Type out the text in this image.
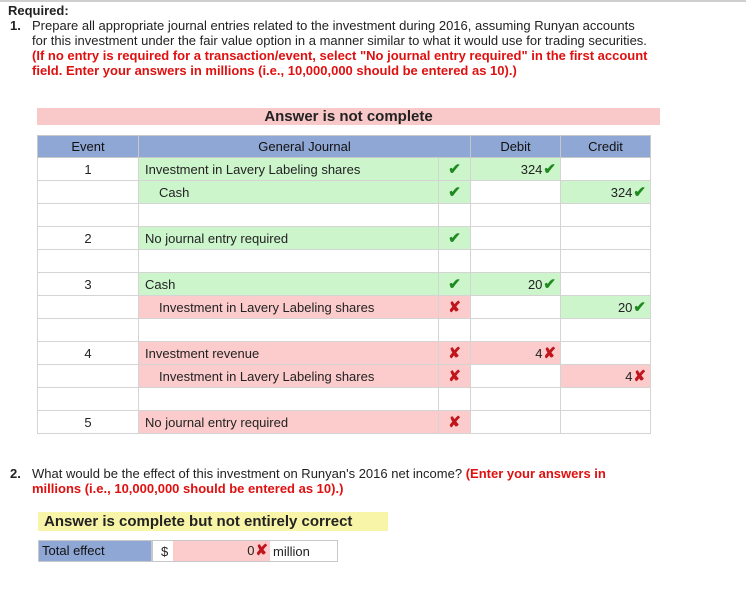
Required:
1. Prepare all appropriate journal entries related to the investment during 2016, assuming Runyan accounts for this investment under the fair value option in a manner similar to what it would use for trading securities. (If no entry is required for a transaction/event, select "No journal entry required" in the first account field. Enter your answers in millions (i.e., 10,000,000 should be entered as 10).)
Answer is not complete
Event	General Journal		Debit	Credit
1	Investment in Lavery Labeling shares	✔	324✔	
	Cash	✔		324✔

2	No journal entry required	✔		

3	Cash	✔	20✔	
	Investment in Lavery Labeling shares	✘		20✔

4	Investment revenue	✘	4✘	
	Investment in Lavery Labeling shares	✘		4✘

5	No journal entry required	✘		
2. What would be the effect of this investment on Runyan's 2016 net income? (Enter your answers in millions (i.e., 10,000,000 should be entered as 10).)
Answer is complete but not entirely correct
Total effect	$	0✘ million
